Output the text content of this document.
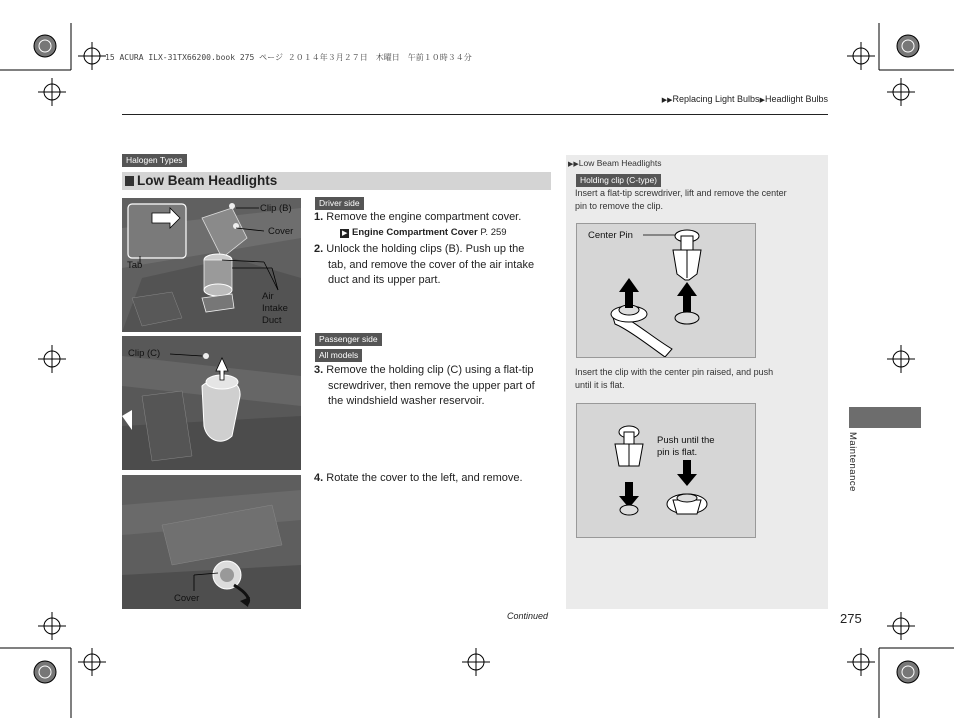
15 ACURA ILX-31TX66200.book 275 ページ ２０１４年３月２７日　木曜日　午前１０時３４分
▶▶Replacing Light Bulbs▶Headlight Bulbs
Halogen Types
Low Beam Headlights
Clip (B)
Cover
Tab
Air
Intake
Duct
Clip (C)
Cover
Driver side
1. Remove the engine compartment cover.
▶ Engine Compartment Cover P. 259
2. Unlock the holding clips (B). Push up the
tab, and remove the cover of the air intake
duct and its upper part.
Passenger side
All models
3. Remove the holding clip (C) using a flat-tip
screwdriver, then remove the upper part of
the windshield washer reservoir.
4. Rotate the cover to the left, and remove.
▶▶Low Beam Headlights
Holding clip (C-type)
Insert a flat-tip screwdriver, lift and remove the center
pin to remove the clip.
Center Pin
Insert the clip with the center pin raised, and push
until it is flat.
Push until the
pin is flat.
Continued	275
Maintenance
